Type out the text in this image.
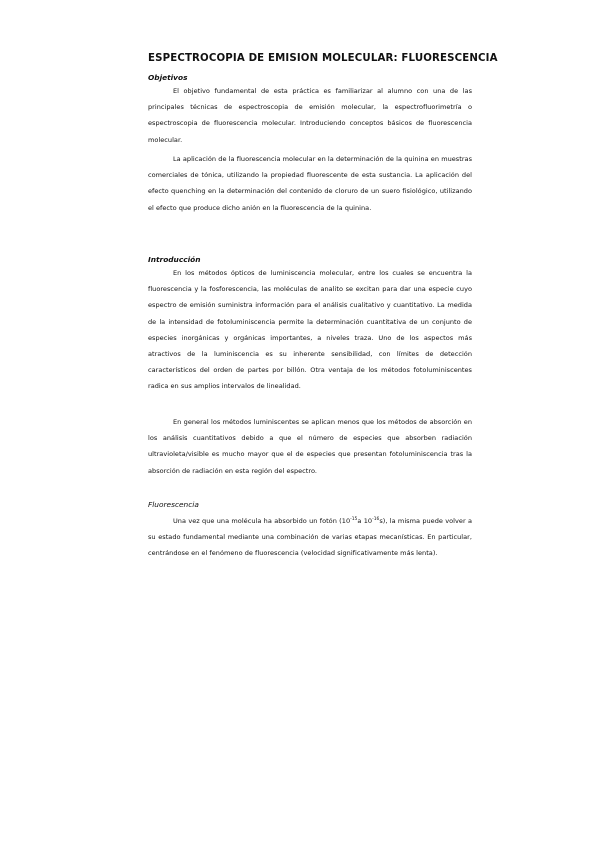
ESPECTROCOPIA DE EMISION MOLECULAR: FLUORESCENCIA
Objetivos

El objetivo fundamental de esta práctica es familiarizar al alumno con una de las principales técnicas de espectroscopia de emisión molecular, la espectrofluorimetría o espectroscopia de fluorescencia molecular. Introduciendo conceptos básicos de fluorescencia molecular.

La aplicación de la fluorescencia molecular en la determinación de la quinina en muestras comerciales de tónica, utilizando la propiedad fluorescente de esta sustancia. La aplicación del efecto quenching en la determinación del contenido de cloruro de un suero fisiológico, utilizando el efecto que produce dicho anión en la fluorescencia de la quinina.

Introducción

En los métodos ópticos de luminiscencia molecular, entre los cuales se encuentra la fluorescencia y la fosforescencia, las moléculas de analito se excitan para dar una especie cuyo espectro de emisión suministra información para el análisis cualitativo y cuantitativo. La medida de la intensidad de fotoluminiscencia permite la determinación cuantitativa de un conjunto de especies inorgánicas y orgánicas importantes, a niveles traza. Uno de los aspectos más atractivos de la luminiscencia es su inherente sensibilidad, con límites de detección característicos del orden de partes por billón. Otra ventaja de los métodos fotoluminiscentes radica en sus amplios intervalos de linealidad.

En general los métodos luminiscentes se aplican menos que los métodos de absorción en los análisis cuantitativos debido a que el número de especies que absorben radiación ultravioleta/visible es mucho mayor que el de especies que presentan fotoluminiscencia tras la absorción de radiación en esta región del espectro.

Fluorescencia

Una vez que una molécula ha absorbido un fotón ($10^{-15}a$ $10^{-16}s$), la misma puede volver a su estado fundamental mediante una combinación de varias etapas mecanísticas. En particular, centrándose en el fenómeno de fluorescencia (velocidad significativamente más lenta).
